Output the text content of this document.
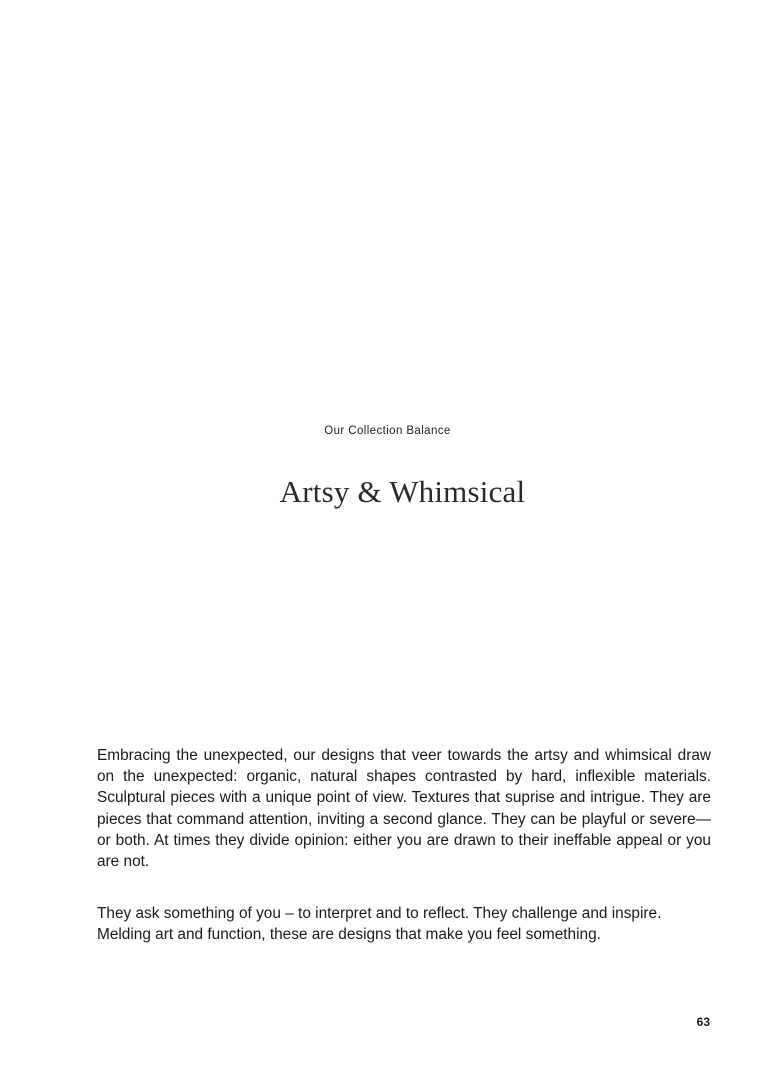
Our Collection Balance
Artsy & Whimsical

Embracing the unexpected, our designs that veer towards the artsy and whimsical draw on the unexpected: organic, natural shapes contrasted by hard, inflexible materials. Sculptural pieces with a unique point of view. Textures that suprise and intrigue. They are pieces that command attention, inviting a second glance. They can be playful or severe—or both. At times they divide opinion: either you are drawn to their ineffable appeal or you are not.

They ask something of you – to interpret and to reflect. They challenge and inspire. Melding art and function, these are designs that make you feel something.

63
